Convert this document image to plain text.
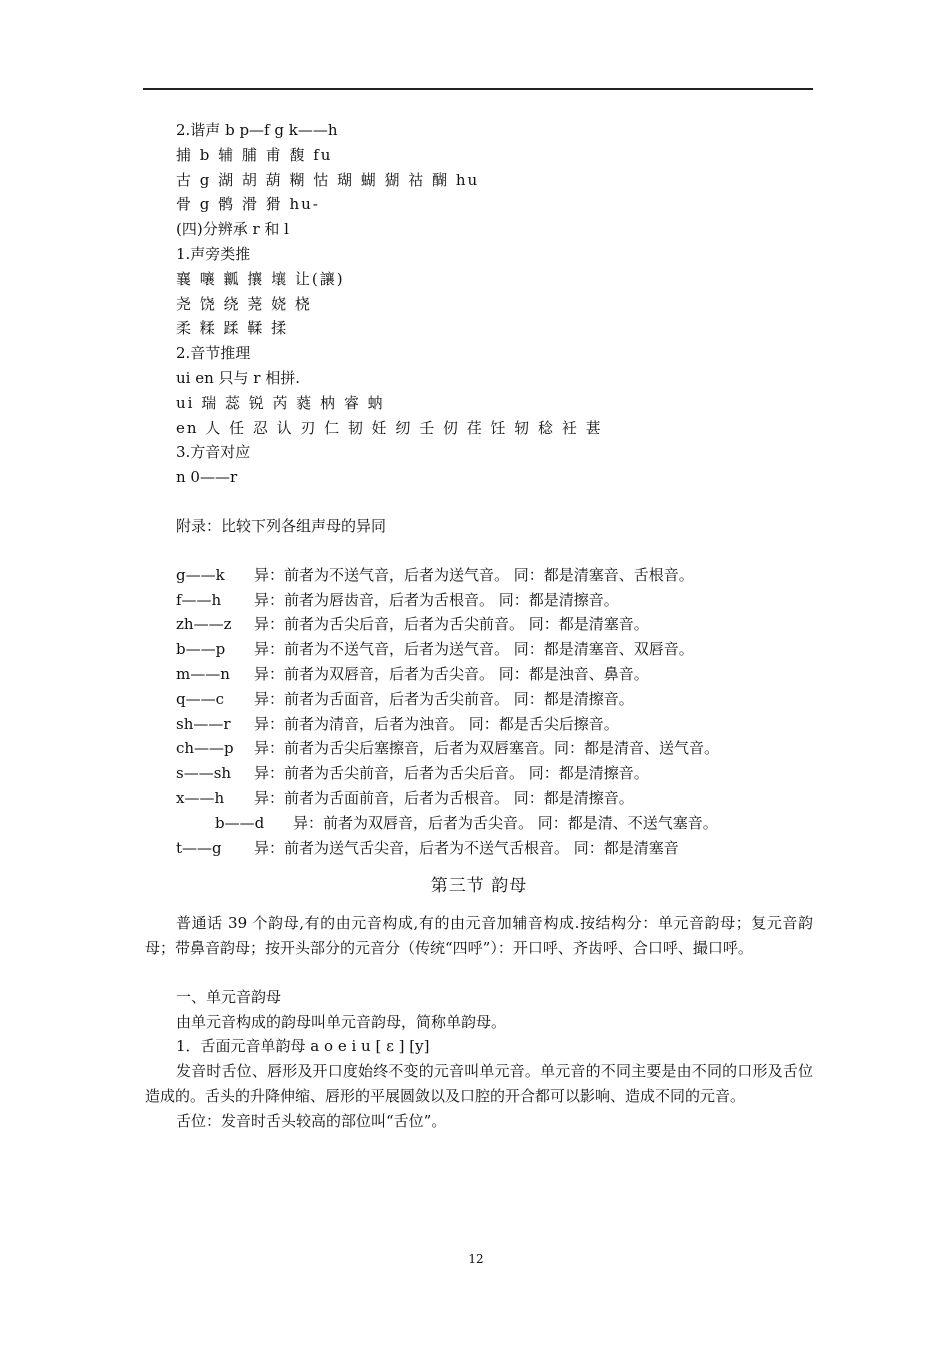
2.谐声 b p—f g k——h
捕 b 辅 脯 甫 馥 fu
古 g 湖 胡 葫 糊 怙 瑚 蝴 猢 祜 醐 hu
骨 g 鹘 滑 猾 hu-
(四)分辨承 r 和 l
1.声旁类推
襄 嚷 瓤 攘 壤 让(讓)
尧 饶 绕 荛 娆 桡
柔 糅 蹂 鞣 揉
2.音节推理
ui en 只与 r 相拼.
ui 瑞 蕊 锐 芮 蕤 枘 睿 蚋
en 人 任 忍 认 刃 仁 韧 妊 纫 壬 仞 荏 饪 轫 稔 衽 葚
3.方音对应
n 0——r
附录：比较下列各组声母的异同
g——k	异：前者为不送气音，后者为送气音。 同：都是清塞音、舌根音。
f——h	异：前者为唇齿音，后者为舌根音。 同：都是清擦音。
zh——z	异：前者为舌尖后音，后者为舌尖前音。 同：都是清塞音。
b——p	异：前者为不送气音，后者为送气音。 同：都是清塞音、双唇音。
m——n	异：前者为双唇音，后者为舌尖音。 同：都是浊音、鼻音。
q——c	异：前者为舌面音，后者为舌尖前音。 同：都是清擦音。
sh——r	异：前者为清音，后者为浊音。 同：都是舌尖后擦音。
ch——p	异：前者为舌尖后塞擦音，后者为双唇塞音。同：都是清音、送气音。
s——sh	异：前者为舌尖前音，后者为舌尖后音。 同：都是清擦音。
x——h	异：前者为舌面前音，后者为舌根音。 同：都是清擦音。
b——d	异：前者为双唇音，后者为舌尖音。 同：都是清、不送气塞音。
t——g	异：前者为送气舌尖音，后者为不送气舌根音。 同：都是清塞音
第三节 韵母
普通话 39 个韵母,有的由元音构成,有的由元音加辅音构成.按结构分：单元音韵母；复元音韵母；带鼻音韵母；按开头部分的元音分（传统“四呼”）：开口呼、齐齿呼、合口呼、撮口呼。
一、单元音韵母
由单元音构成的韵母叫单元音韵母，简称单韵母。
1．舌面元音单韵母 a o e i u [ ε ] [y]
发音时舌位、唇形及开口度始终不变的元音叫单元音。单元音的不同主要是由不同的口形及舌位造成的。舌头的升降伸缩、唇形的平展圆敛以及口腔的开合都可以影响、造成不同的元音。
舌位：发音时舌头较高的部位叫“舌位”。
12
